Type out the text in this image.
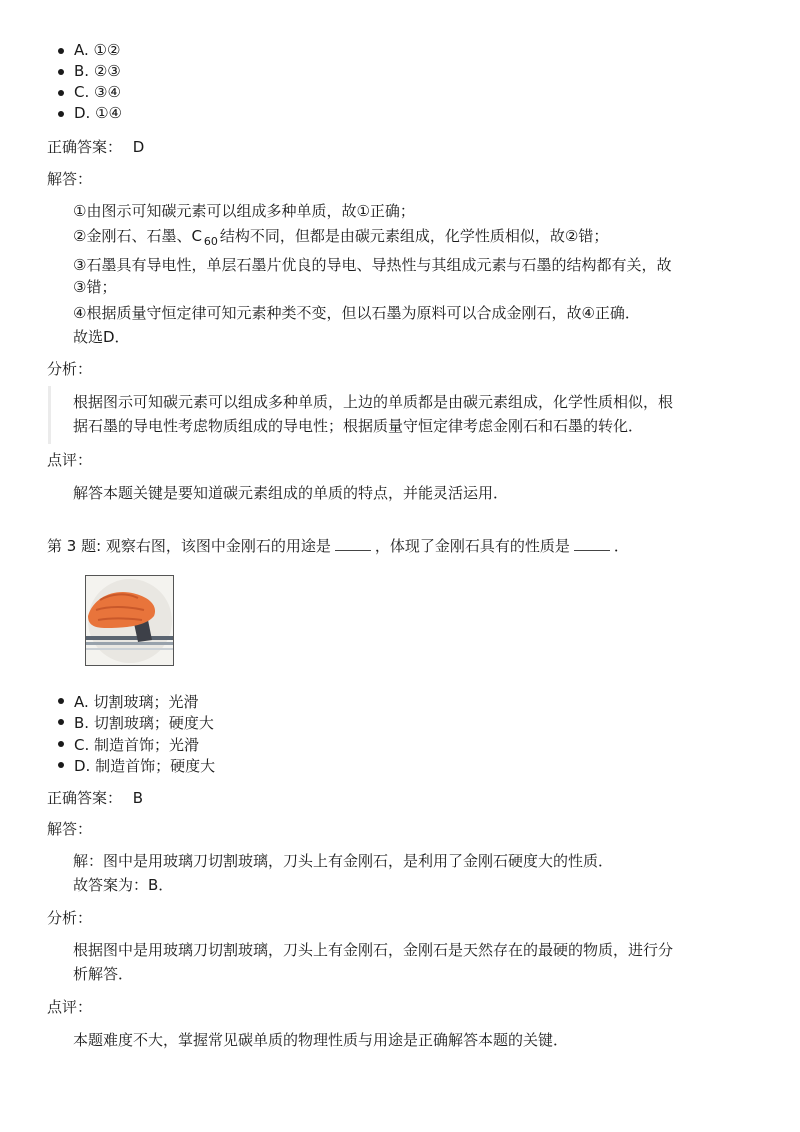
A. ①②
B. ②③
C. ③④
D. ①④
正确答案： D
解答：
①由图示可知碳元素可以组成多种单质，故①正确；
②金刚石、石墨、C $_{60}$ 结构不同，但都是由碳元素组成，化学性质相似，故②错；
③石墨具有导电性，单层石墨片优良的导电、导热性与其组成元素与石墨的结构都有关，故
③错；
④根据质量守恒定律可知元素种类不变，但以石墨为原料可以合成金刚石，故④正确．
故选D．
分析：
根据图示可知碳元素可以组成多种单质，上边的单质都是由碳元素组成，化学性质相似，根
据石墨的导电性考虑物质组成的导电性；根据质量守恒定律考虑金刚石和石墨的转化．
点评：
解答本题关键是要知道碳元素组成的单质的特点，并能灵活运用．
第 3 题: 观察右图，该图中金刚石的用途是	，体现了金刚石具有的性质是	．
A. 切割玻璃；光滑
B. 切割玻璃；硬度大
C. 制造首饰；光滑
D. 制造首饰；硬度大
正确答案： B
解答：
解：图中是用玻璃刀切割玻璃，刀头上有金刚石，是利用了金刚石硬度大的性质．
故答案为：B．
分析：
根据图中是用玻璃刀切割玻璃，刀头上有金刚石，金刚石是天然存在的最硬的物质，进行分
析解答．
点评：
本题难度不大，掌握常见碳单质的物理性质与用途是正确解答本题的关键．
